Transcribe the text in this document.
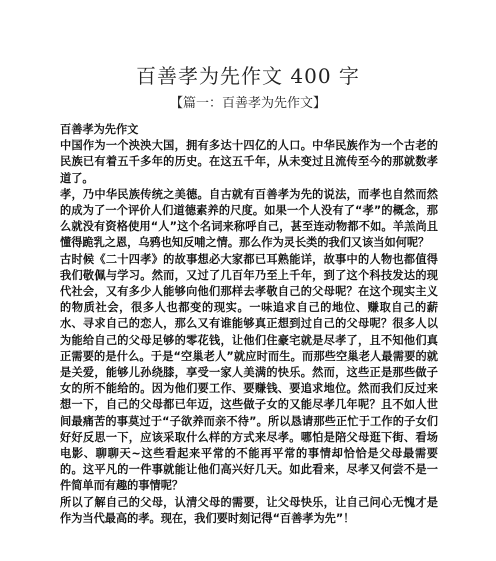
百善孝为先作文 400 字
【篇一：百善孝为先作文】

百善孝为先作文

中国作为一个泱泱大国，拥有多达十四亿的人口。中华民族作为一个古老的民族已有着五千多年的历史。在这五千年，从未变过且流传至今的那就数孝道了。

孝，乃中华民族传统之美德。自古就有百善孝为先的说法，而孝也自然而然的成为了一个评价人们道德素养的尺度。如果一个人没有了“孝”的概念，那么就没有资格使用“人”这个名词来称呼自己，甚至连动物都不如。羊羔尚且懂得跪乳之恩，乌鸦也知反哺之情。那么作为灵长类的我们又该当如何呢？

古时候《二十四孝》的故事想必大家都已耳熟能详，故事中的人物也都值得我们敬佩与学习。然而，又过了几百年乃至上千年，到了这个科技发达的现代社会，又有多少人能够向他们那样去孝敬自己的父母呢？在这个现实主义的物质社会，很多人也都变的现实。一味追求自己的地位、赚取自己的薪水、寻求自己的恋人，那么又有谁能够真正想到过自己的父母呢？很多人以为能给自己的父母足够的零花钱，让他们住豪宅就是尽孝了，且不知他们真正需要的是什么。于是“空巢老人”就应时而生。而那些空巢老人最需要的就是关爱，能够儿孙绕膝，享受一家人美满的快乐。然而，这些正是那些做子女的所不能给的。因为他们要工作、要赚钱、要追求地位。然而我们反过来想一下，自己的父母都已年迈，这些做子女的又能尽孝几年呢？且不如人世间最痛苦的事莫过于“子欲养而亲不待”。所以恳请那些正忙于工作的子女们好好反思一下，应该采取什么样的方式来尽孝。哪怕是陪父母逛下街、看场电影、聊聊天~这些看起来平常的不能再平常的事情却恰恰是父母最需要的。这平凡的一件事就能让他们高兴好几天。如此看来，尽孝又何尝不是一件简单而有趣的事情呢？

所以了解自己的父母，认清父母的需要，让父母快乐，让自己问心无愧才是作为当代最高的孝。现在，我们要时刻记得“百善孝为先”！
